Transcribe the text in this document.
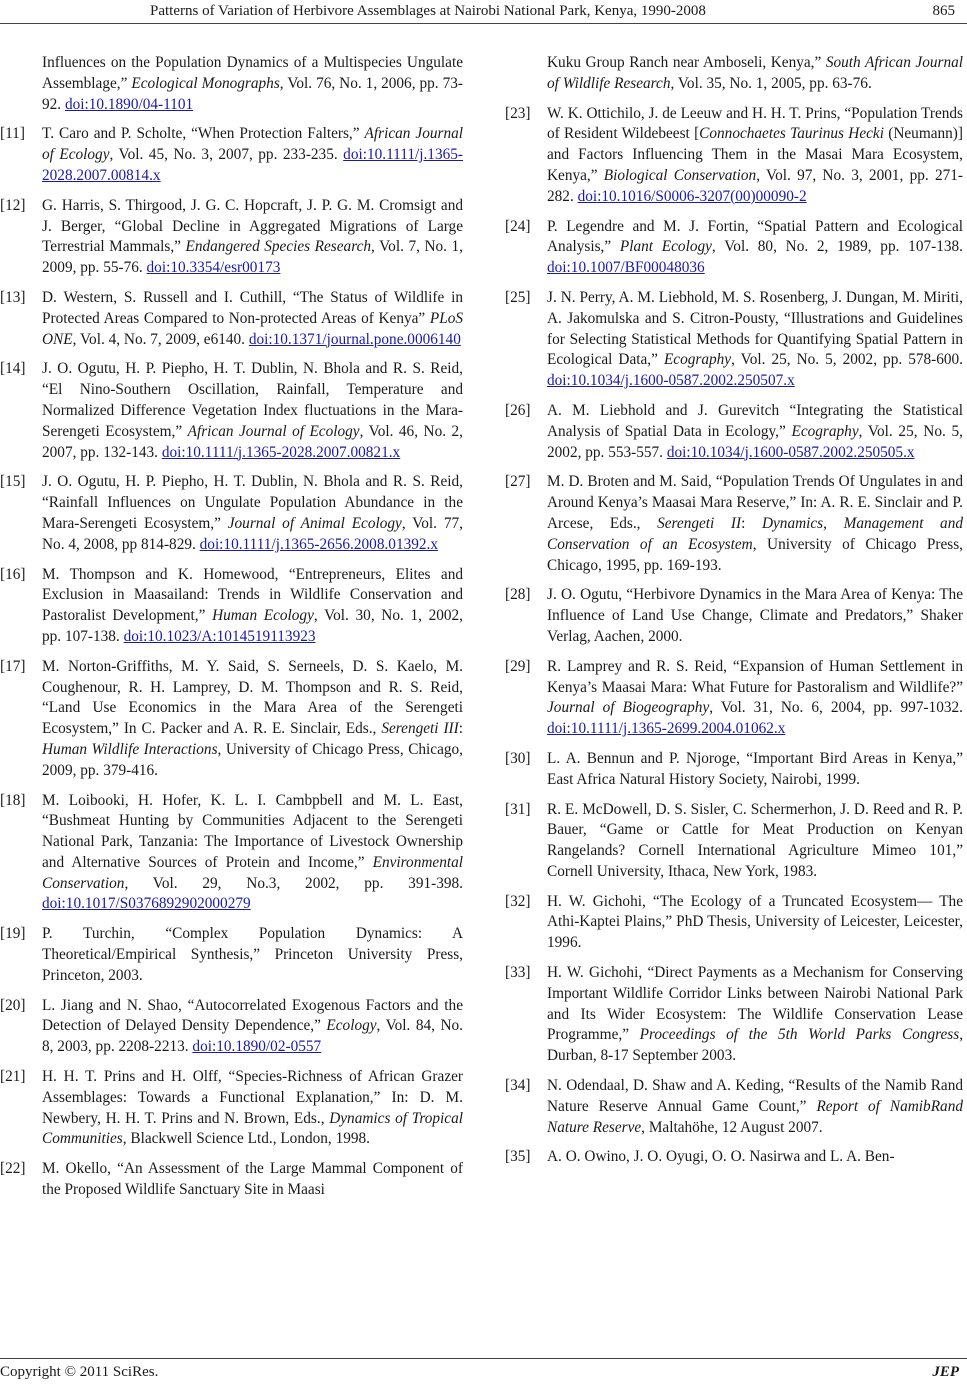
Patterns of Variation of Herbivore Assemblages at Nairobi National Park, Kenya, 1990-2008	865
Influences on the Population Dynamics of a Multispecies Ungulate Assemblage,” Ecological Monographs, Vol. 76, No. 1, 2006, pp. 73-92. doi:10.1890/04-1101
[11] T. Caro and P. Scholte, “When Protection Falters,” African Journal of Ecology, Vol. 45, No. 3, 2007, pp. 233-235. doi:10.1111/j.1365-2028.2007.00814.x
[12] G. Harris, S. Thirgood, J. G. C. Hopcraft, J. P. G. M. Cromsigt and J. Berger, “Global Decline in Aggregated Migrations of Large Terrestrial Mammals,” Endangered Species Research, Vol. 7, No. 1, 2009, pp. 55-76. doi:10.3354/esr00173
[13] D. Western, S. Russell and I. Cuthill, “The Status of Wildlife in Protected Areas Compared to Non-protected Areas of Kenya” PLoS ONE, Vol. 4, No. 7, 2009, e6140. doi:10.1371/journal.pone.0006140
[14] J. O. Ogutu, H. P. Piepho, H. T. Dublin, N. Bhola and R. S. Reid, “El Nino-Southern Oscillation, Rainfall, Temperature and Normalized Difference Vegetation Index fluctuations in the Mara-Serengeti Ecosystem,” African Journal of Ecology, Vol. 46, No. 2, 2007, pp. 132-143. doi:10.1111/j.1365-2028.2007.00821.x
[15] J. O. Ogutu, H. P. Piepho, H. T. Dublin, N. Bhola and R. S. Reid, “Rainfall Influences on Ungulate Population Abundance in the Mara-Serengeti Ecosystem,” Journal of Animal Ecology, Vol. 77, No. 4, 2008, pp 814-829. doi:10.1111/j.1365-2656.2008.01392.x
[16] M. Thompson and K. Homewood, “Entrepreneurs, Elites and Exclusion in Maasailand: Trends in Wildlife Conservation and Pastoralist Development,” Human Ecology, Vol. 30, No. 1, 2002, pp. 107-138. doi:10.1023/A:1014519113923
[17] M. Norton-Griffiths, M. Y. Said, S. Serneels, D. S. Kaelo, M. Coughenour, R. H. Lamprey, D. M. Thompson and R. S. Reid, “Land Use Economics in the Mara Area of the Serengeti Ecosystem,” In C. Packer and A. R. E. Sinclair, Eds., Serengeti III: Human Wildlife Interactions, University of Chicago Press, Chicago, 2009, pp. 379-416.
[18] M. Loibooki, H. Hofer, K. L. I. Cambpbell and M. L. East, “Bushmeat Hunting by Communities Adjacent to the Serengeti National Park, Tanzania: The Importance of Livestock Ownership and Alternative Sources of Protein and Income,” Environmental Conservation, Vol. 29, No.3, 2002, pp. 391-398. doi:10.1017/S0376892902000279
[19] P. Turchin, “Complex Population Dynamics: A Theoretical/Empirical Synthesis,” Princeton University Press, Princeton, 2003.
[20] L. Jiang and N. Shao, “Autocorrelated Exogenous Factors and the Detection of Delayed Density Dependence,” Ecology, Vol. 84, No. 8, 2003, pp. 2208-2213. doi:10.1890/02-0557
[21] H. H. T. Prins and H. Olff, “Species-Richness of African Grazer Assemblages: Towards a Functional Explanation,” In: D. M. Newbery, H. H. T. Prins and N. Brown, Eds., Dynamics of Tropical Communities, Blackwell Science Ltd., London, 1998.
[22] M. Okello, “An Assessment of the Large Mammal Component of the Proposed Wildlife Sanctuary Site in Maasi
Kuku Group Ranch near Amboseli, Kenya,” South African Journal of Wildlife Research, Vol. 35, No. 1, 2005, pp. 63-76.
[23] W. K. Ottichilo, J. de Leeuw and H. H. T. Prins, “Population Trends of Resident Wildebeest [Connochaetes Taurinus Hecki (Neumann)] and Factors Influencing Them in the Masai Mara Ecosystem, Kenya,” Biological Conservation, Vol. 97, No. 3, 2001, pp. 271-282. doi:10.1016/S0006-3207(00)00090-2
[24] P. Legendre and M. J. Fortin, “Spatial Pattern and Ecological Analysis,” Plant Ecology, Vol. 80, No. 2, 1989, pp. 107-138. doi:10.1007/BF00048036
[25] J. N. Perry, A. M. Liebhold, M. S. Rosenberg, J. Dungan, M. Miriti, A. Jakomulska and S. Citron-Pousty, “Illustrations and Guidelines for Selecting Statistical Methods for Quantifying Spatial Pattern in Ecological Data,” Ecography, Vol. 25, No. 5, 2002, pp. 578-600. doi:10.1034/j.1600-0587.2002.250507.x
[26] A. M. Liebhold and J. Gurevitch “Integrating the Statistical Analysis of Spatial Data in Ecology,” Ecography, Vol. 25, No. 5, 2002, pp. 553-557. doi:10.1034/j.1600-0587.2002.250505.x
[27] M. D. Broten and M. Said, “Population Trends Of Ungulates in and Around Kenya’s Maasai Mara Reserve,” In: A. R. E. Sinclair and P. Arcese, Eds., Serengeti II: Dynamics, Management and Conservation of an Ecosystem, University of Chicago Press, Chicago, 1995, pp. 169-193.
[28] J. O. Ogutu, “Herbivore Dynamics in the Mara Area of Kenya: The Influence of Land Use Change, Climate and Predators,” Shaker Verlag, Aachen, 2000.
[29] R. Lamprey and R. S. Reid, “Expansion of Human Settlement in Kenya’s Maasai Mara: What Future for Pastoralism and Wildlife?” Journal of Biogeography, Vol. 31, No. 6, 2004, pp. 997-1032. doi:10.1111/j.1365-2699.2004.01062.x
[30] L. A. Bennun and P. Njoroge, “Important Bird Areas in Kenya,” East Africa Natural History Society, Nairobi, 1999.
[31] R. E. McDowell, D. S. Sisler, C. Schermerhon, J. D. Reed and R. P. Bauer, “Game or Cattle for Meat Production on Kenyan Rangelands? Cornell International Agriculture Mimeo 101,” Cornell University, Ithaca, New York, 1983.
[32] H. W. Gichohi, “The Ecology of a Truncated Ecosystem— The Athi-Kaptei Plains,” PhD Thesis, University of Leicester, Leicester, 1996.
[33] H. W. Gichohi, “Direct Payments as a Mechanism for Conserving Important Wildlife Corridor Links between Nairobi National Park and Its Wider Ecosystem: The Wildlife Conservation Lease Programme,” Proceedings of the 5th World Parks Congress, Durban, 8-17 September 2003.
[34] N. Odendaal, D. Shaw and A. Keding, “Results of the Namib Rand Nature Reserve Annual Game Count,” Report of NamibRand Nature Reserve, Maltahöhe, 12 August 2007.
[35] A. O. Owino, J. O. Oyugi, O. O. Nasirwa and L. A. Ben-
Copyright © 2011 SciRes.	JEP
